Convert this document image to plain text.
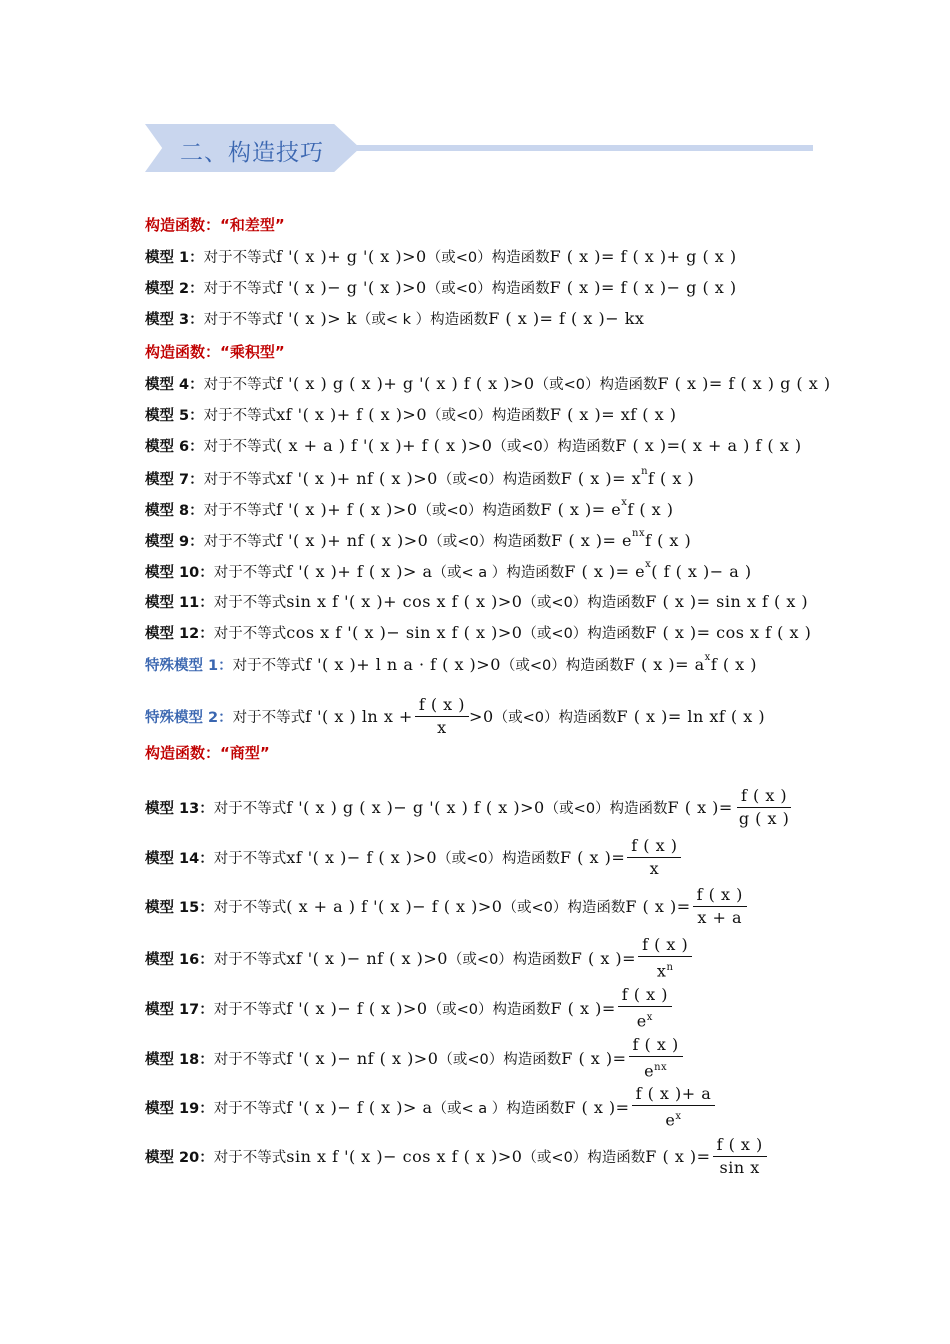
二、构造技巧
构造函数：“和差型”
构造函数：“乘积型”
构造函数：“商型”
模型 1： 对于不等式 f '( x )+ g '( x )>0 （或<0）构造函数 F ( x )= f ( x )+ g ( x )
模型 2： 对于不等式 f '( x )− g '( x )>0 （或<0）构造函数 F ( x )= f ( x )− g ( x )
模型 3： 对于不等式 f '( x )> k （或< k ）构造函数 F ( x )= f ( x )− kx
模型 4： 对于不等式 f '( x ) g ( x )+ g '( x ) f ( x )>0 （或<0）构造函数 F ( x )= f ( x ) g ( x )
模型 5： 对于不等式 xf '( x )+ f ( x )>0 （或<0）构造函数 F ( x )= xf ( x )
模型 6： 对于不等式 ( x + a ) f '( x )+ f ( x )>0 （或<0）构造函数 F ( x )=( x + a ) f ( x )
模型 7： 对于不等式 xf '( x )+ nf ( x )>0 （或<0）构造函数 F ( x )= x n f ( x )
模型 8： 对于不等式 f '( x )+ f ( x )>0 （或<0）构造函数 F ( x )= e x f ( x )
模型 9： 对于不等式 f '( x )+ nf ( x )>0 （或<0）构造函数 F ( x )= e nx f ( x )
模型 10： 对于不等式 f '( x )+ f ( x )> a （或< a ）构造函数 F ( x )= e x ( f ( x )− a )
模型 11： 对于不等式 sin x f '( x )+ cos x f ( x )>0 （或<0）构造函数 F ( x )= sin x f ( x )
模型 12： 对于不等式 cos x f '( x )− sin x f ( x )>0 （或<0）构造函数 F ( x )= cos x f ( x )
特殊模型 1： 对于不等式 f '( x )+ l n a · f ( x )>0 （或<0）构造函数 F ( x )= a x f ( x )
特殊模型 2： 对于不等式 f '( x ) $\ln x + \frac{f ( x )}{x} >0$ （或<0）构造函数 F ( x )= ln xf ( x )
模型 13： 对于不等式 f '( x ) g ( x )− g '( x ) f ( x )>0 （或<0）构造函数 F ( x )= $\frac{f ( x )}{g ( x )}$
模型 14： 对于不等式 xf '( x )− f ( x )>0 （或<0）构造函数 F ( x )= $\frac{f ( x )}{x}$
模型 15： 对于不等式 ( x + a ) f '( x )− f ( x )>0 （或<0）构造函数 F ( x )= $\frac{f ( x )}{x + a}$
模型 16： 对于不等式 xf '( x )− nf ( x )>0 （或<0）构造函数 F ( x )= $\frac{f ( x )}{x^n}$
模型 17： 对于不等式 f '( x )− f ( x )>0 （或<0）构造函数 F ( x )= $\frac{f ( x )}{e^x}$
模型 18： 对于不等式 f '( x )− nf ( x )>0 （或<0）构造函数 F ( x )= $\frac{f ( x )}{e^{nx}}$
模型 19： 对于不等式 f '( x )− f ( x )> a （或< a ）构造函数 F ( x )= $\frac{f ( x )+ a}{e^x}$
模型 20： 对于不等式 sin x f '( x )− cos x f ( x )>0 （或<0）构造函数 F ( x )= $\frac{f ( x )}{\text{sin x}}$
